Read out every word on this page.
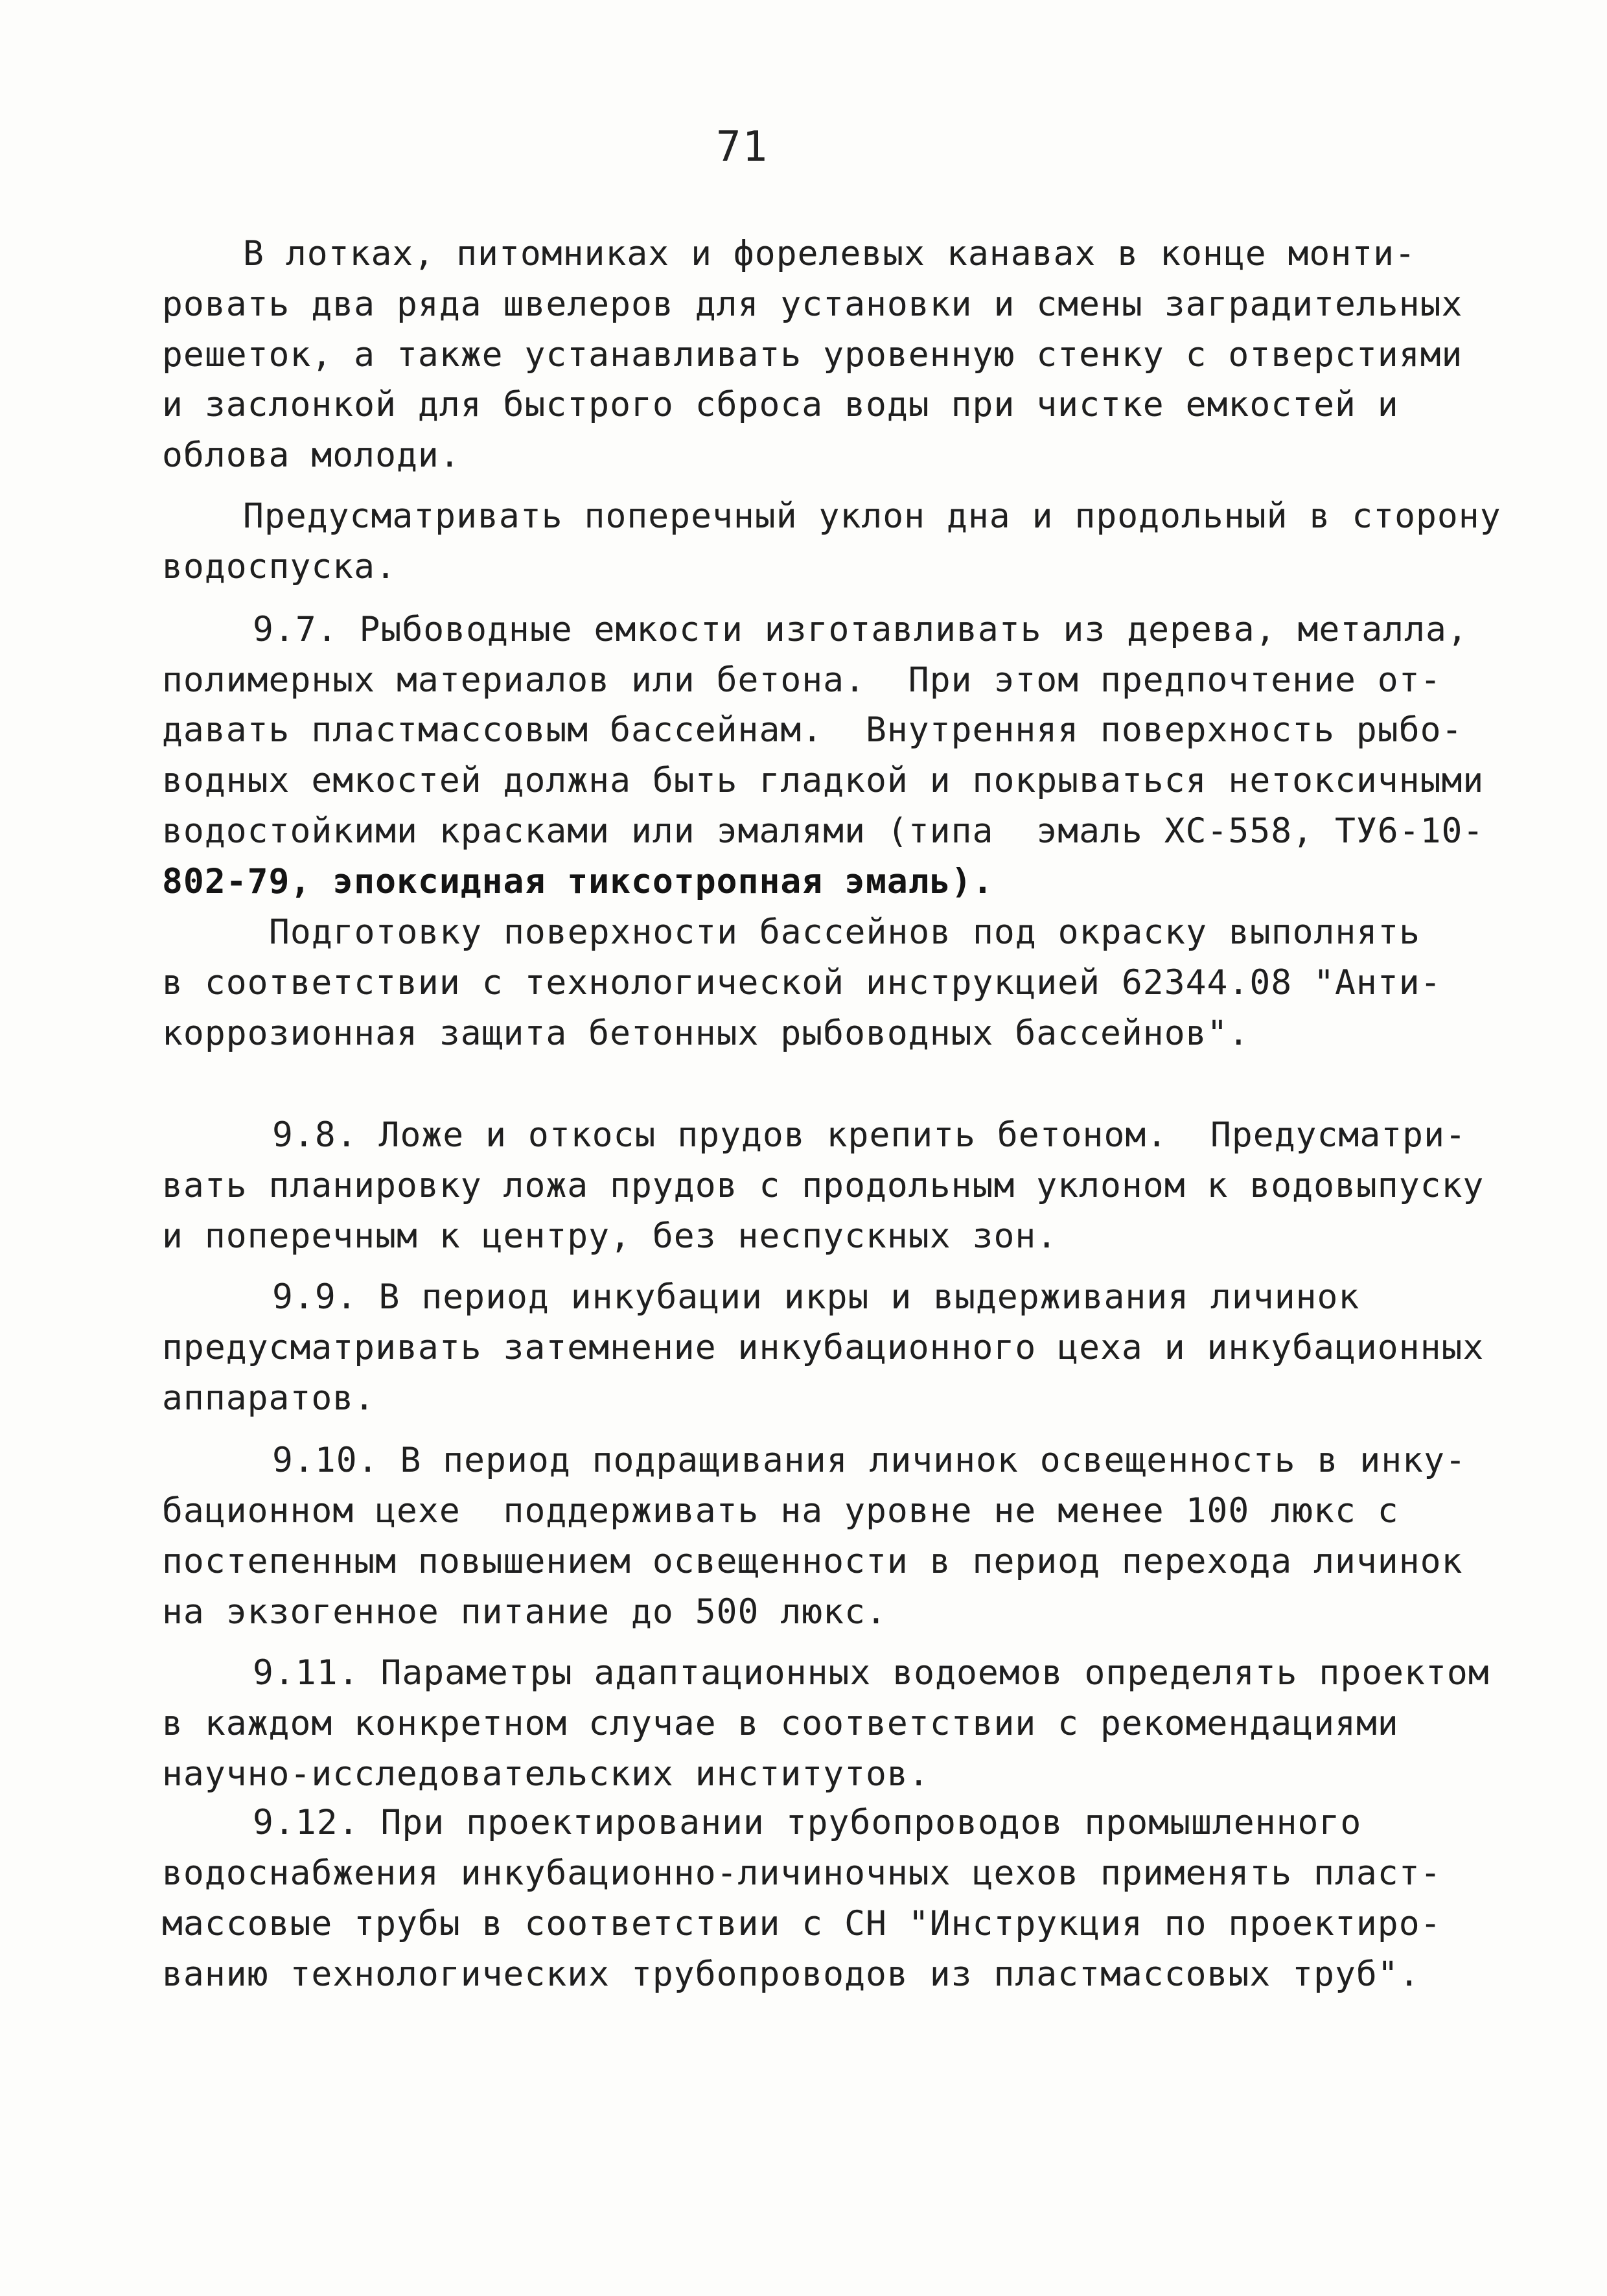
71
В лотках, питомниках и форелевых канавах в конце монти-
ровать два ряда швелеров для установки и смены заградительных
решеток, а также устанавливать уровенную стенку с отверстиями
и заслонкой для быстрого сброса воды при чистке емкостей и
облова молоди.
Предусматривать поперечный уклон дна и продольный в сторону
водоспуска.
9.7. Рыбоводные емкости изготавливать из дерева, металла,
полимерных материалов или бетона.  При этом предпочтение от-
давать пластмассовым бассейнам.  Внутренняя поверхность рыбо-
водных емкостей должна быть гладкой и покрываться нетоксичными
водостойкими красками или эмалями (типа  эмаль ХС-558, ТУ6-10-
802-79, эпоксидная тиксотропная эмаль).
Подготовку поверхности бассейнов под окраску выполнять
в соответствии с технологической инструкцией 62344.08 "Анти-
коррозионная защита бетонных рыбоводных бассейнов".
9.8. Ложе и откосы прудов крепить бетоном.  Предусматри-
вать планировку ложа прудов с продольным уклоном к водовыпуску
и поперечным к центру, без неспускных зон.
9.9. В период инкубации икры и выдерживания личинок
предусматривать затемнение инкубационного цеха и инкубационных
аппаратов.
9.10. В период подращивания личинок освещенность в инку-
бационном цехе  поддерживать на уровне не менее 100 люкс с
постепенным повышением освещенности в период перехода личинок
на экзогенное питание до 500 люкс.
9.11. Параметры адаптационных водоемов определять проектом
в каждом конкретном случае в соответствии с рекомендациями
научно-исследовательских институтов.
9.12. При проектировании трубопроводов промышленного
водоснабжения инкубационно-личиночных цехов применять пласт-
массовые трубы в соответствии с СН "Инструкция по проектиро-
ванию технологических трубопроводов из пластмассовых труб".
